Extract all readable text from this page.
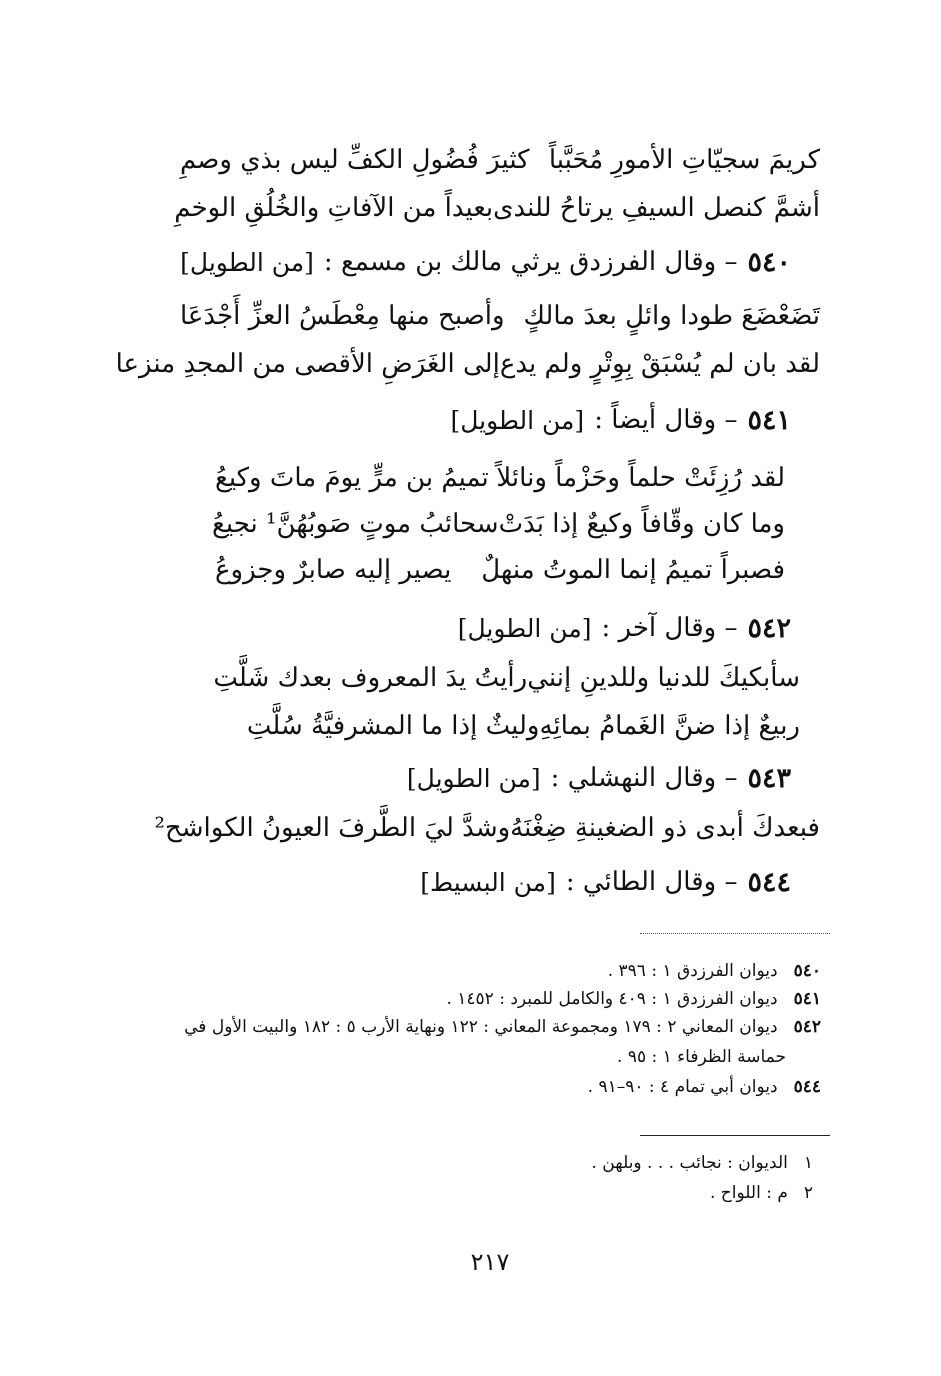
كريمَ سجيّاتِ الأمورِ مُحَبَّباً
كثيرَ فُضُولِ الكفِّ ليس بذي وصمِ
أشمَّ كنصل السيفِ يرتاحُ للندى
بعيداً من الآفاتِ والخُلُقِ الوخمِ
٥٤٠
– وقال الفرزدق يرثي مالك بن مسمع :
[من الطويل]
تَضَعْضَعَ طودا وائلٍ بعدَ مالكٍ
وأصبح منها مِعْطَسُ العزِّ أَجْدَعَا
لقد بان لم يُسْبَقْ بِوِتْرٍ ولم يدع
إلى الغَرَضِ الأقصى من المجدِ منزعا
٥٤١
– وقال أيضاً :
[من الطويل]
لقد رُزِئَتْ حلماً وحَزْماً ونائلاً
تميمُ بن مرٍّ يومَ ماتَ وكيعُ
وما كان وقّافاً وكيعٌ إذا بَدَتْ
سحائبُ موتٍ صَوبُهُنَّ¹ نجيعُ
فصبراً تميمُ إنما الموتُ منهلٌ
يصير إليه صابرٌ وجزوعُ
٥٤٢
– وقال آخر :
[من الطويل]
سأبكيكَ للدنيا وللدينِ إنني
رأيتُ يدَ المعروف بعدك شَلَّتِ
ربيعٌ إذا ضنَّ الغَمامُ بمائِهِ
وليثٌ إذا ما المشرفيَّةُ سُلَّتِ
٥٤٣
– وقال النهشلي :
[من الطويل]
فبعدكَ أبدى ذو الضغينةِ ضِغْنَهُ
وشدَّ ليَ الطَّرفَ العيونُ الكواشح²
٥٤٤
– وقال الطائي :
[من البسيط]
٥٤٠
ديوان الفرزدق ١ : ٣٩٦ .
٥٤١
ديوان الفرزدق ١ : ٤٠٩ والكامل للمبرد : ١٤٥٢ .
٥٤٢
ديوان المعاني ٢ : ١٧٩ ومجموعة المعاني : ١٢٢ ونهاية الأرب ٥ : ١٨٢ والبيت الأول في
حماسة الظرفاء ١ : ٩٥ .
٥٤٤
ديوان أبي تمام ٤ : ٩٠–٩١ .
١
الديوان : نجائب . . . وبلهن .
٢
م : اللواح .
٢١٧
